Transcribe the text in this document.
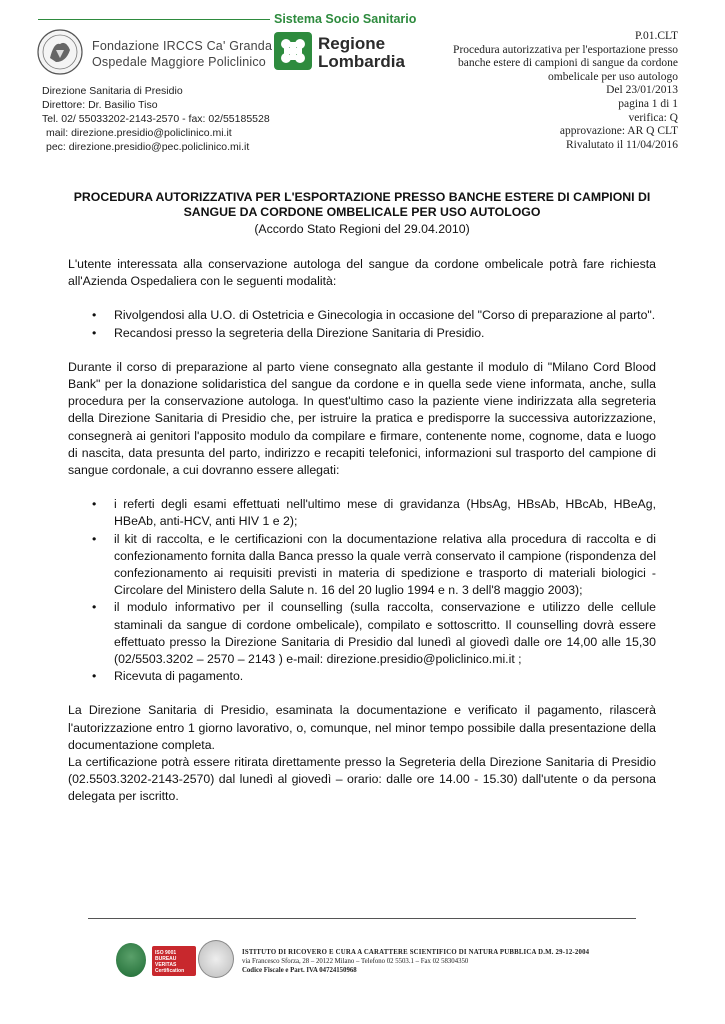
Sistema Socio Sanitario
Fondazione IRCCS Ca' Granda
Ospedale Maggiore Policlinico
Regione
Lombardia
Direzione Sanitaria di Presidio
Direttore: Dr. Basilio Tiso
Tel. 02/ 55033202-2143-2570 - fax: 02/55185528
mail: direzione.presidio@policlinico.mi.it
pec: direzione.presidio@pec.policlinico.mi.it
P.01.CLT
Procedura autorizzativa per l'esportazione presso
banche estere di campioni di sangue da cordone
ombelicale per uso autologo
Del 23/01/2013
pagina 1 di 1
verifica: Q
approvazione: AR Q CLT
Rivalutato il 11/04/2016
PROCEDURA AUTORIZZATIVA PER L'ESPORTAZIONE PRESSO BANCHE ESTERE DI CAMPIONI DI SANGUE DA CORDONE OMBELICALE PER USO AUTOLOGO
(Accordo Stato Regioni del 29.04.2010)

L'utente interessata alla conservazione autologa del sangue da cordone ombelicale potrà fare richiesta all'Azienda Ospedaliera con le seguenti modalità:

• Rivolgendosi alla U.O. di Ostetricia e Ginecologia in occasione del "Corso di preparazione al parto".
• Recandosi presso la segreteria della Direzione Sanitaria di Presidio.

Durante il corso di preparazione al parto viene consegnato alla gestante il modulo di "Milano Cord Blood Bank" per la donazione solidaristica del sangue da cordone e in quella sede viene informata, anche, sulla procedura per la conservazione autologa. In quest'ultimo caso la paziente viene indirizzata alla segreteria della Direzione Sanitaria di Presidio che, per istruire la pratica e predisporre la successiva autorizzazione, consegnerà ai genitori l'apposito modulo da compilare e firmare, contenente nome, cognome, data e luogo di nascita, data presunta del parto, indirizzo e recapiti telefonici, informazioni sul trasporto del campione di sangue cordonale, a cui dovranno essere allegati:

• i referti degli esami effettuati nell'ultimo mese di gravidanza (HbsAg, HBsAb, HBcAb, HBeAg, HBeAb, anti-HCV, anti HIV 1 e 2);
• il kit di raccolta, e le certificazioni con la documentazione relativa alla procedura di raccolta e di confezionamento fornita dalla Banca presso la quale verrà conservato il campione (rispondenza del confezionamento ai requisiti previsti in materia di spedizione e trasporto di materiali biologici - Circolare del Ministero della Salute n. 16 del 20 luglio 1994 e n. 3 dell'8 maggio 2003);
• il modulo informativo per il counselling (sulla raccolta, conservazione e utilizzo delle cellule staminali da sangue di cordone ombelicale), compilato e sottoscritto. Il counselling dovrà essere effettuato presso la Direzione Sanitaria di Presidio dal lunedì al giovedì dalle ore 14,00 alle 15,30 (02/5503.3202 – 2570 – 2143 ) e-mail: direzione.presidio@policlinico.mi.it ;
• Ricevuta di pagamento.

La Direzione Sanitaria di Presidio, esaminata la documentazione e verificato il pagamento, rilascerà l'autorizzazione entro 1 giorno lavorativo, o, comunque, nel minor tempo possibile dalla presentazione della documentazione completa.

La certificazione potrà essere ritirata direttamente presso la Segreteria della Direzione Sanitaria di Presidio (02.5503.3202-2143-2570) dal lunedì al giovedì – orario: dalle ore 14.00 - 15.30) dall'utente o da persona delegata per iscritto.

ISO 9001
BUREAU VERITAS
Certification
ISTITUTO DI RICOVERO E CURA A CARATTERE SCIENTIFICO DI NATURA PUBBLICA D.M. 29-12-2004
via Francesco Sforza, 28 – 20122 Milano – Telefono 02 5503.1 – Fax 02 58304350
Codice Fiscale e Part. IVA 04724150968
